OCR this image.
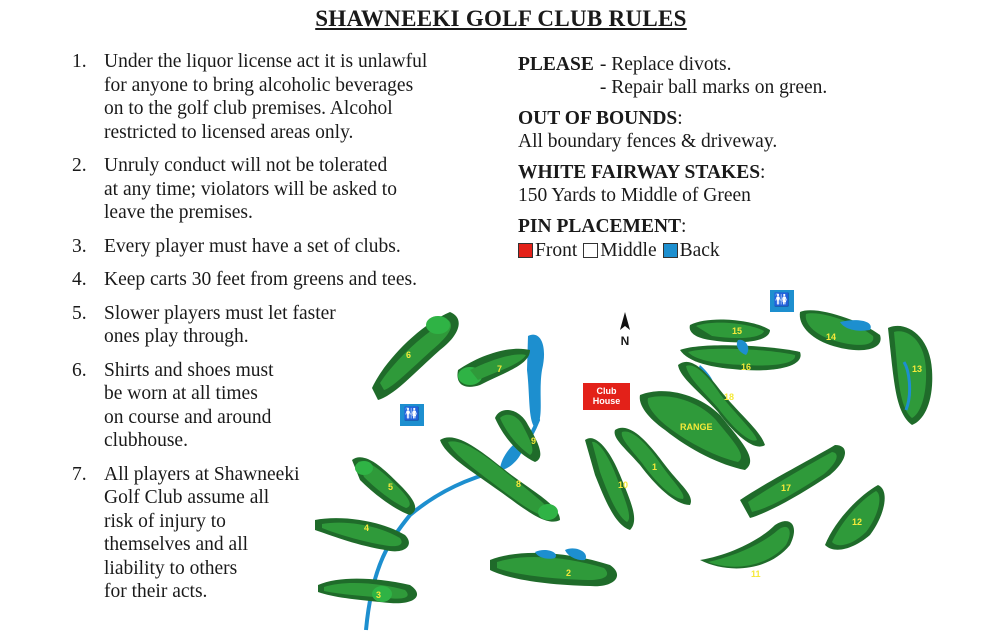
SHAWNEEKI GOLF CLUB RULES
1. Under the liquor license act it is unlawful
for anyone to bring alcoholic beverages
on to the golf club premises. Alcohol
restricted to licensed areas only.
2. Unruly conduct will not be tolerated
at any time; violators will be asked to
leave the premises.
3. Every player must have a set of clubs.
4. Keep carts 30 feet from greens and tees.
5. Slower players must let faster
ones play through.
6. Shirts and shoes must
be worn at all times
on course and around
clubhouse.
7. All players at Shawneeki
Golf Club assume all
risk of injury to
themselves and all
liability to others
for their acts.
PLEASE - Replace divots.
- Repair ball marks on green.
OUT OF BOUNDS:
All boundary fences & driveway.
WHITE FAIRWAY STAKES:
150 Yards to Middle of Green
PIN PLACEMENT:
Front Middle Back
6
7
9
8
5
4
3
2
10
1
RANGE
15
16
18
14
13
17
12
11
Club
House
N
🚻
🚻
